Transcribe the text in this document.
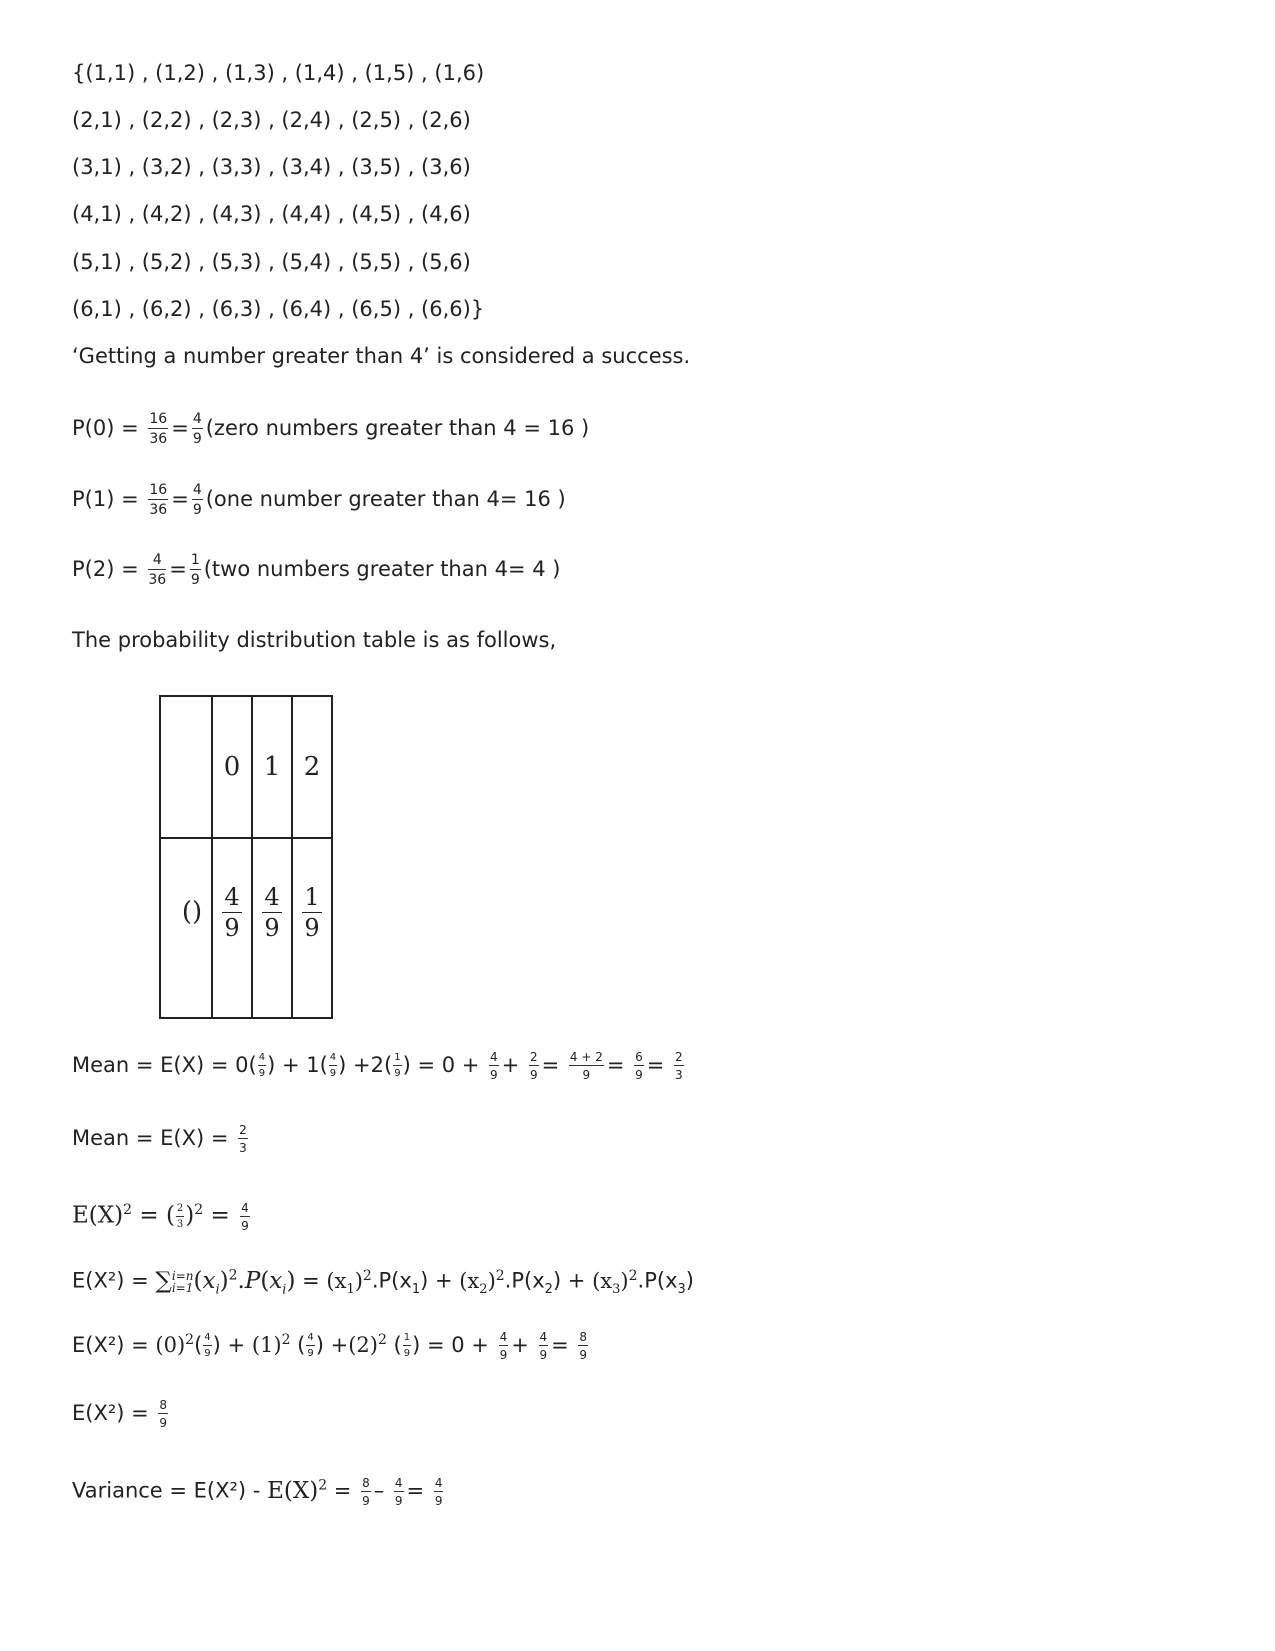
{(1,1) , (1,2) , (1,3) , (1,4) , (1,5) , (1,6)
(2,1) , (2,2) , (2,3) , (2,4) , (2,5) , (2,6)
(3,1) , (3,2) , (3,3) , (3,4) , (3,5) , (3,6)
(4,1) , (4,2) , (4,3) , (4,4) , (4,5) , (4,6)
(5,1) , (5,2) , (5,3) , (5,4) , (5,5) , (5,6)
(6,1) , (6,2) , (6,3) , (6,4) , (6,5) , (6,6)}
‘Getting a number greater than 4’ is considered a success.
$P(0) = \frac{16}{36} = \frac{4}{9}$ (zero numbers greater than 4 = 16 )
$P(1) = \frac{16}{36} = \frac{4}{9} (one$ number greater than 4= 16 )
$P(2) = \frac{4}{36} = \frac{1}{9} (two$ numbers greater than 4= 4 )
The probability distribution table is as follows,
	0	1	2
()	$\frac{4}{9}$	$\frac{4}{9}$	$\frac{1}{9}$
Mean = $E(X) = 0( \frac{4}{9}$ ) + $1( \frac{4}{9}$ ) $+2( \frac{1}{9}$ ) = $0 + \frac{4}{9} + \frac{2}{9} = \frac{4 + 2}{9} = \frac{6}{9} = \frac{2}{3}$
Mean = $E(X) = \frac{2}{3}$
$E(X)^2$ = ( $\frac{2}{3} )^2 = \frac{4}{9}$
E(X²) = ∑ i=n
i=1 $(x_i)^2.P(x_i) = (x_1)^2.P(x_1) + (x_2)^2.P(x_2) + (x_3)^2.P(x_3)$
$E(X^2) = (0)^2( \frac{4}{9}$ ) + $(1)^2$ ( $\frac{4}{9}$ ) $+(2)^2$ ( $\frac{1}{9}$ ) = $0 + \frac{4}{9} + \frac{4}{9} = \frac{8}{9}$
$E(X^2) = \frac{8}{9}$
Variance = $E(X^2) - E(X)^2 = \frac{8}{9} - \frac{4}{9} = \frac{4}{9}$
